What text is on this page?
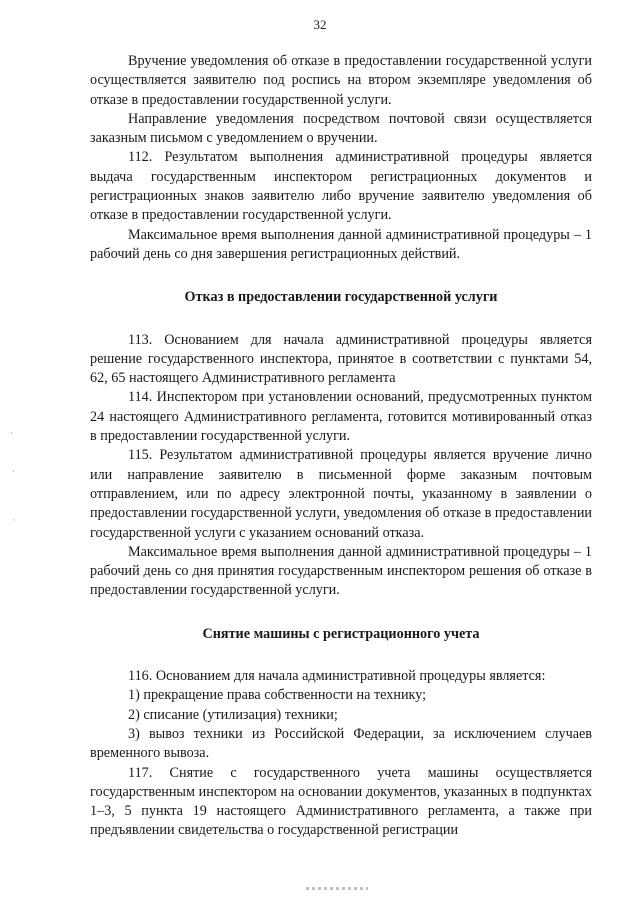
32

Вручение уведомления об отказе в предоставлении государственной услуги осуществляется заявителю под роспись на втором экземпляре уведомления об отказе в предоставлении государственной услуги.

Направление уведомления посредством почтовой связи осуществляется заказным письмом с уведомлением о вручении.

112. Результатом выполнения административной процедуры является выдача государственным инспектором регистрационных документов и регистрационных знаков заявителю либо вручение заявителю уведомления об отказе в предоставлении государственной услуги.

Максимальное время выполнения данной административной процедуры – 1 рабочий день со дня завершения регистрационных действий.

Отказ в предоставлении государственной услуги

113. Основанием для начала административной процедуры является решение государственного инспектора, принятое в соответствии с пунктами 54, 62, 65 настоящего Административного регламента

114. Инспектором при установлении оснований, предусмотренных пунктом 24 настоящего Административного регламента, готовится мотивированный отказ в предоставлении государственной услуги.

115. Результатом административной процедуры является вручение лично или направление заявителю в письменной форме заказным почтовым отправлением, или по адресу электронной почты, указанному в заявлении о предоставлении государственной услуги, уведомления об отказе в предоставлении государственной услуги с указанием оснований отказа.

Максимальное время выполнения данной административной процедуры – 1 рабочий день со дня принятия государственным инспектором решения об отказе в предоставлении государственной услуги.

Снятие машины с регистрационного учета

116. Основанием для начала административной процедуры является:

1) прекращение права собственности на технику;

2) списание (утилизация) техники;

3) вывоз техники из Российской Федерации, за исключением случаев временного вывоза.

117. Снятие с государственного учета машины осуществляется государственным инспектором на основании документов, указанных в подпунктах 1–3, 5 пункта 19 настоящего Административного регламента, а также при предъявлении свидетельства о государственной регистрации

·
·
·
